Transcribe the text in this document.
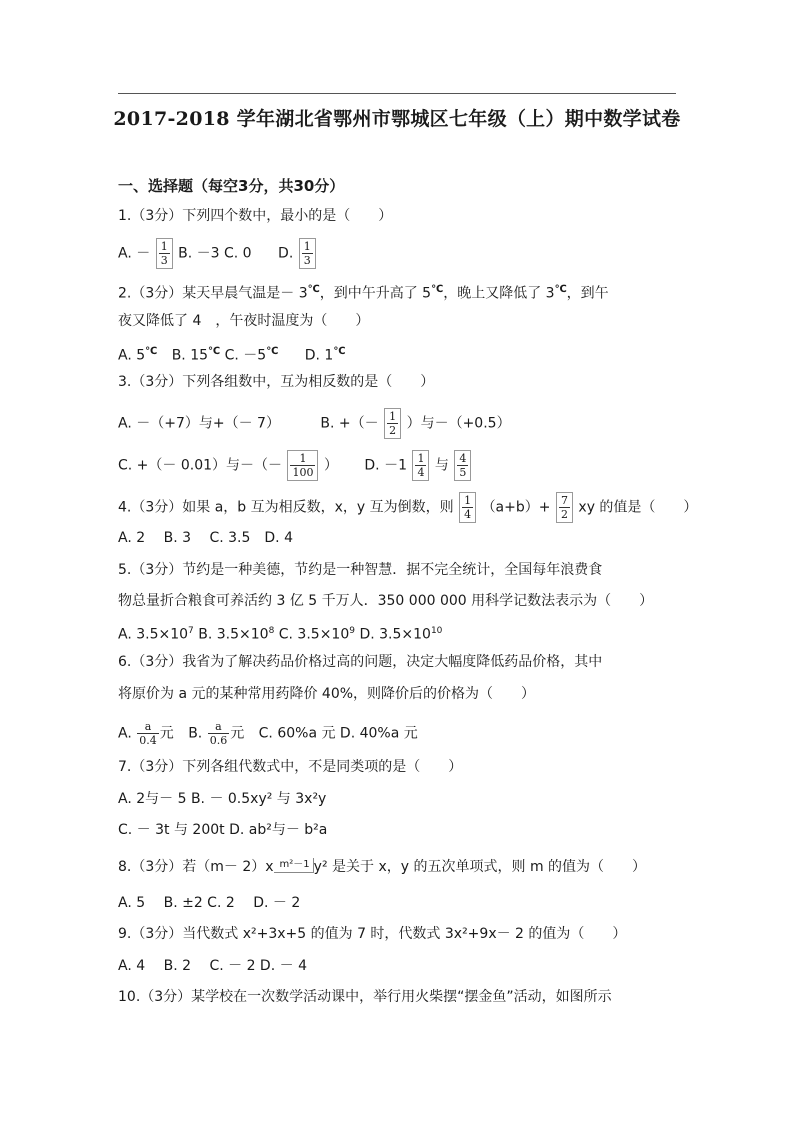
2017-2018 学年湖北省鄂州市鄂城区七年级（上）期中数学试卷
一、选择题（每空3分，共30分）
1.（3分）下列四个数中，最小的是（　　）
A. － $\frac{1}{3} B$. －3 C. 0 D. $\frac{1}{3}$
2.（3分）某天早晨气温是－ 3℃，到中午升高了 5℃，晚上又降低了 3℃，到午
夜又降低了 4　，午夜时温度为（　　）
A. 5℃ B. 15℃ C. －5℃ D. 1℃
3.（3分）下列各组数中，互为相反数的是（　　）
A. －（+7）与+（－ 7）	B. +（－ $\frac{1}{2}$ ）与－（+0.5）
C. +（－ 0.01）与－（－ $\frac{1}{100}$ ） D. $-1 \frac{1}{4}$ 与 $\frac{4}{5}$
4.（3分）如果 a，b 互为相反数，x，y 互为倒数，则 $\frac{1}{4} (a+b)+ \frac{7}{2}$ xy 的值是（　　）
A. 2　 B. 3　 C. 3.5　D. 4
5.（3分）节约是一种美德，节约是一种智慧．据不完全统计，全国每年浪费食
物总量折合粮食可养活约 3 亿 5 千万人．350 000 000 用科学记数法表示为（　　）
A. $3.5\times 10^7$ B. $3.5\times 10^8$ C. $3.5\times 10^9$ D. $3.5\times 10^{10}$
6.（3分）我省为了解决药品价格过高的问题，决定大幅度降低药品价格，其中
将原价为 a 元的某种常用药降价 40%，则降价后的价格为（　　）
A. $\frac{a}{0.4}$ 元 B. $\frac{a}{0.6}$ 元 C. 60%a 元 D. 40%a 元
7.（3分）下列各组代数式中，不是同类项的是（　　）
A. 2与－ 5 B. － 0.5xy² 与 3x²y
C. － 3t 与 200t D. ab²与－ b²a
8.（3分）若（m－ 2）x m²－1 y² 是关于 x，y 的五次单项式，则 m 的值为（　　）
A. 5　 B. ±2 C. 2　 D. － 2
9.（3分）当代数式 x²+3x+5 的值为 7 时，代数式 3x²+9x－ 2 的值为（　　）
A. 4　 B. 2　 C. － 2 D. － 4
10.（3分）某学校在一次数学活动课中，举行用火柴摆“摆金鱼”活动，如图所示
